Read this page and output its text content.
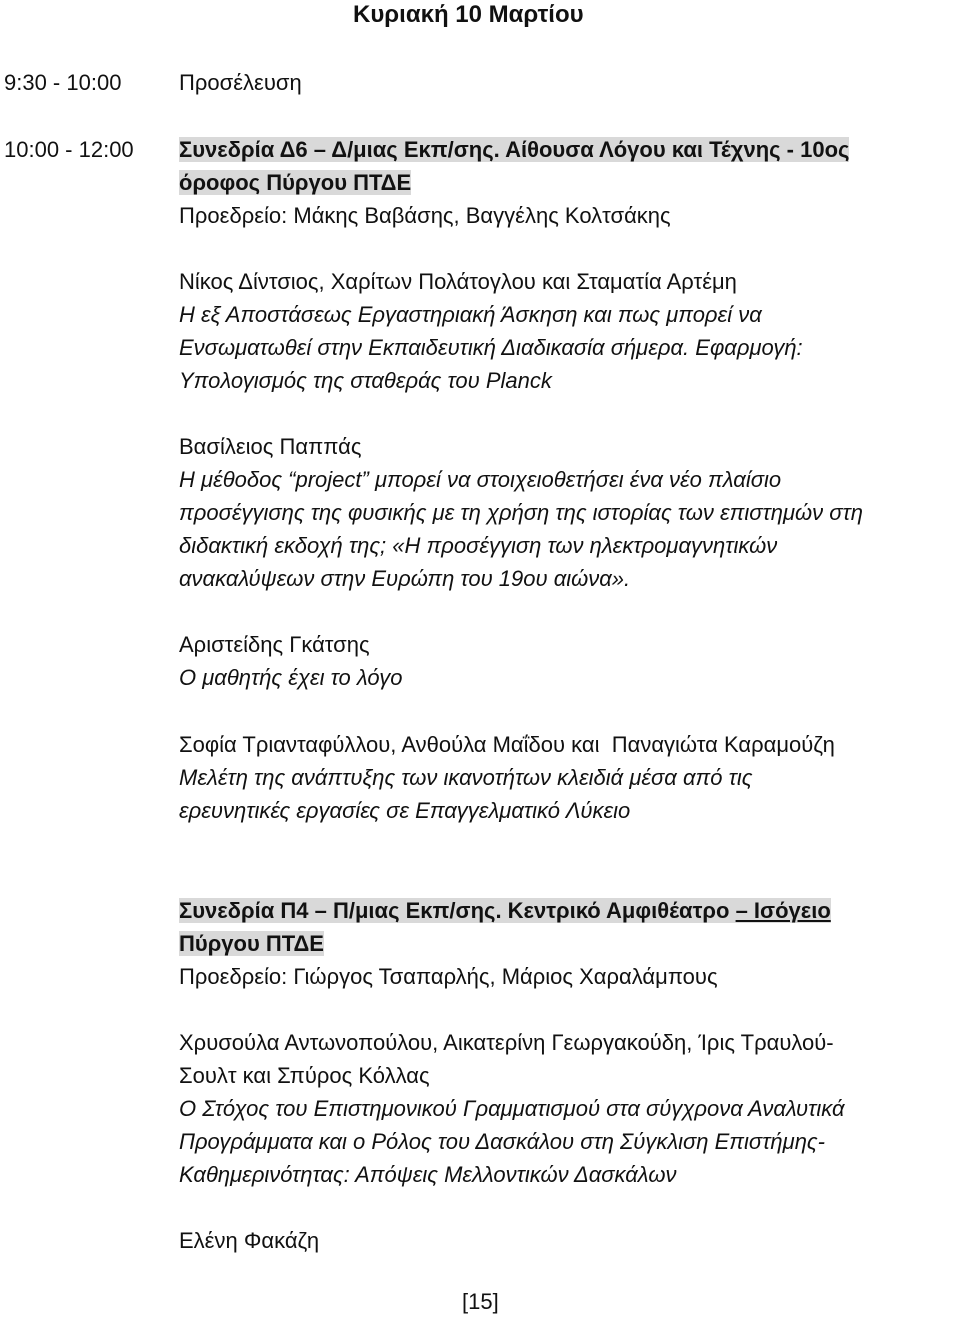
Κυριακή 10 Μαρτίου
9:30 - 10:00	Προσέλευση
10:00 - 12:00 Συνεδρία Δ6 – Δ/μιας Εκπ/σης. Αίθουσα Λόγου και Τέχνης - 10ος
όροφος Πύργου ΠΤΔΕ
Προεδρείο: Μάκης Βαβάσης, Βαγγέλης Κολτσάκης
Νίκος Δίντσιος, Χαρίτων Πολάτογλου και Σταματία Αρτέμη
Η εξ Αποστάσεως Εργαστηριακή Άσκηση και πως μπορεί να
Ενσωματωθεί στην Εκπαιδευτική Διαδικασία σήμερα. Εφαρμογή:
Υπολογισμός της σταθεράς του Planck
Βασίλειος Παππάς
Η μέθοδος “project” μπορεί να στοιχειοθετήσει ένα νέο πλαίσιο
προσέγγισης της φυσικής με τη χρήση της ιστορίας των επιστημών στη
διδακτική εκδοχή της; «Η προσέγγιση των ηλεκτρομαγνητικών
ανακαλύψεων στην Ευρώπη του 19ου αιώνα».
Αριστείδης Γκάτσης
Ο μαθητής έχει το λόγο
Σοφία Τριανταφύλλου, Ανθούλα Μαΐδου και  Παναγιώτα Καραμούζη
Μελέτη της ανάπτυξης των ικανοτήτων κλειδιά μέσα από τις
ερευνητικές εργασίες σε Επαγγελματικό Λύκειο
Συνεδρία Π4 – Π/μιας Εκπ/σης. Κεντρικό Αμφιθέατρο – Ισόγειο
Πύργου ΠΤΔΕ
Προεδρείο: Γιώργος Τσαπαρλής, Μάριος Χαραλάμπους
Χρυσούλα Αντωνοπούλου, Αικατερίνη Γεωργακούδη, Ίρις Τραυλού-
Σουλτ και Σπύρος Κόλλας
Ο Στόχος του Επιστημονικού Γραμματισμού στα σύγχρονα Αναλυτικά
Προγράμματα και ο Ρόλος του Δασκάλου στη Σύγκλιση Επιστήμης-
Καθημερινότητας: Απόψεις Μελλοντικών Δασκάλων
Ελένη Φακάζη
[15]
